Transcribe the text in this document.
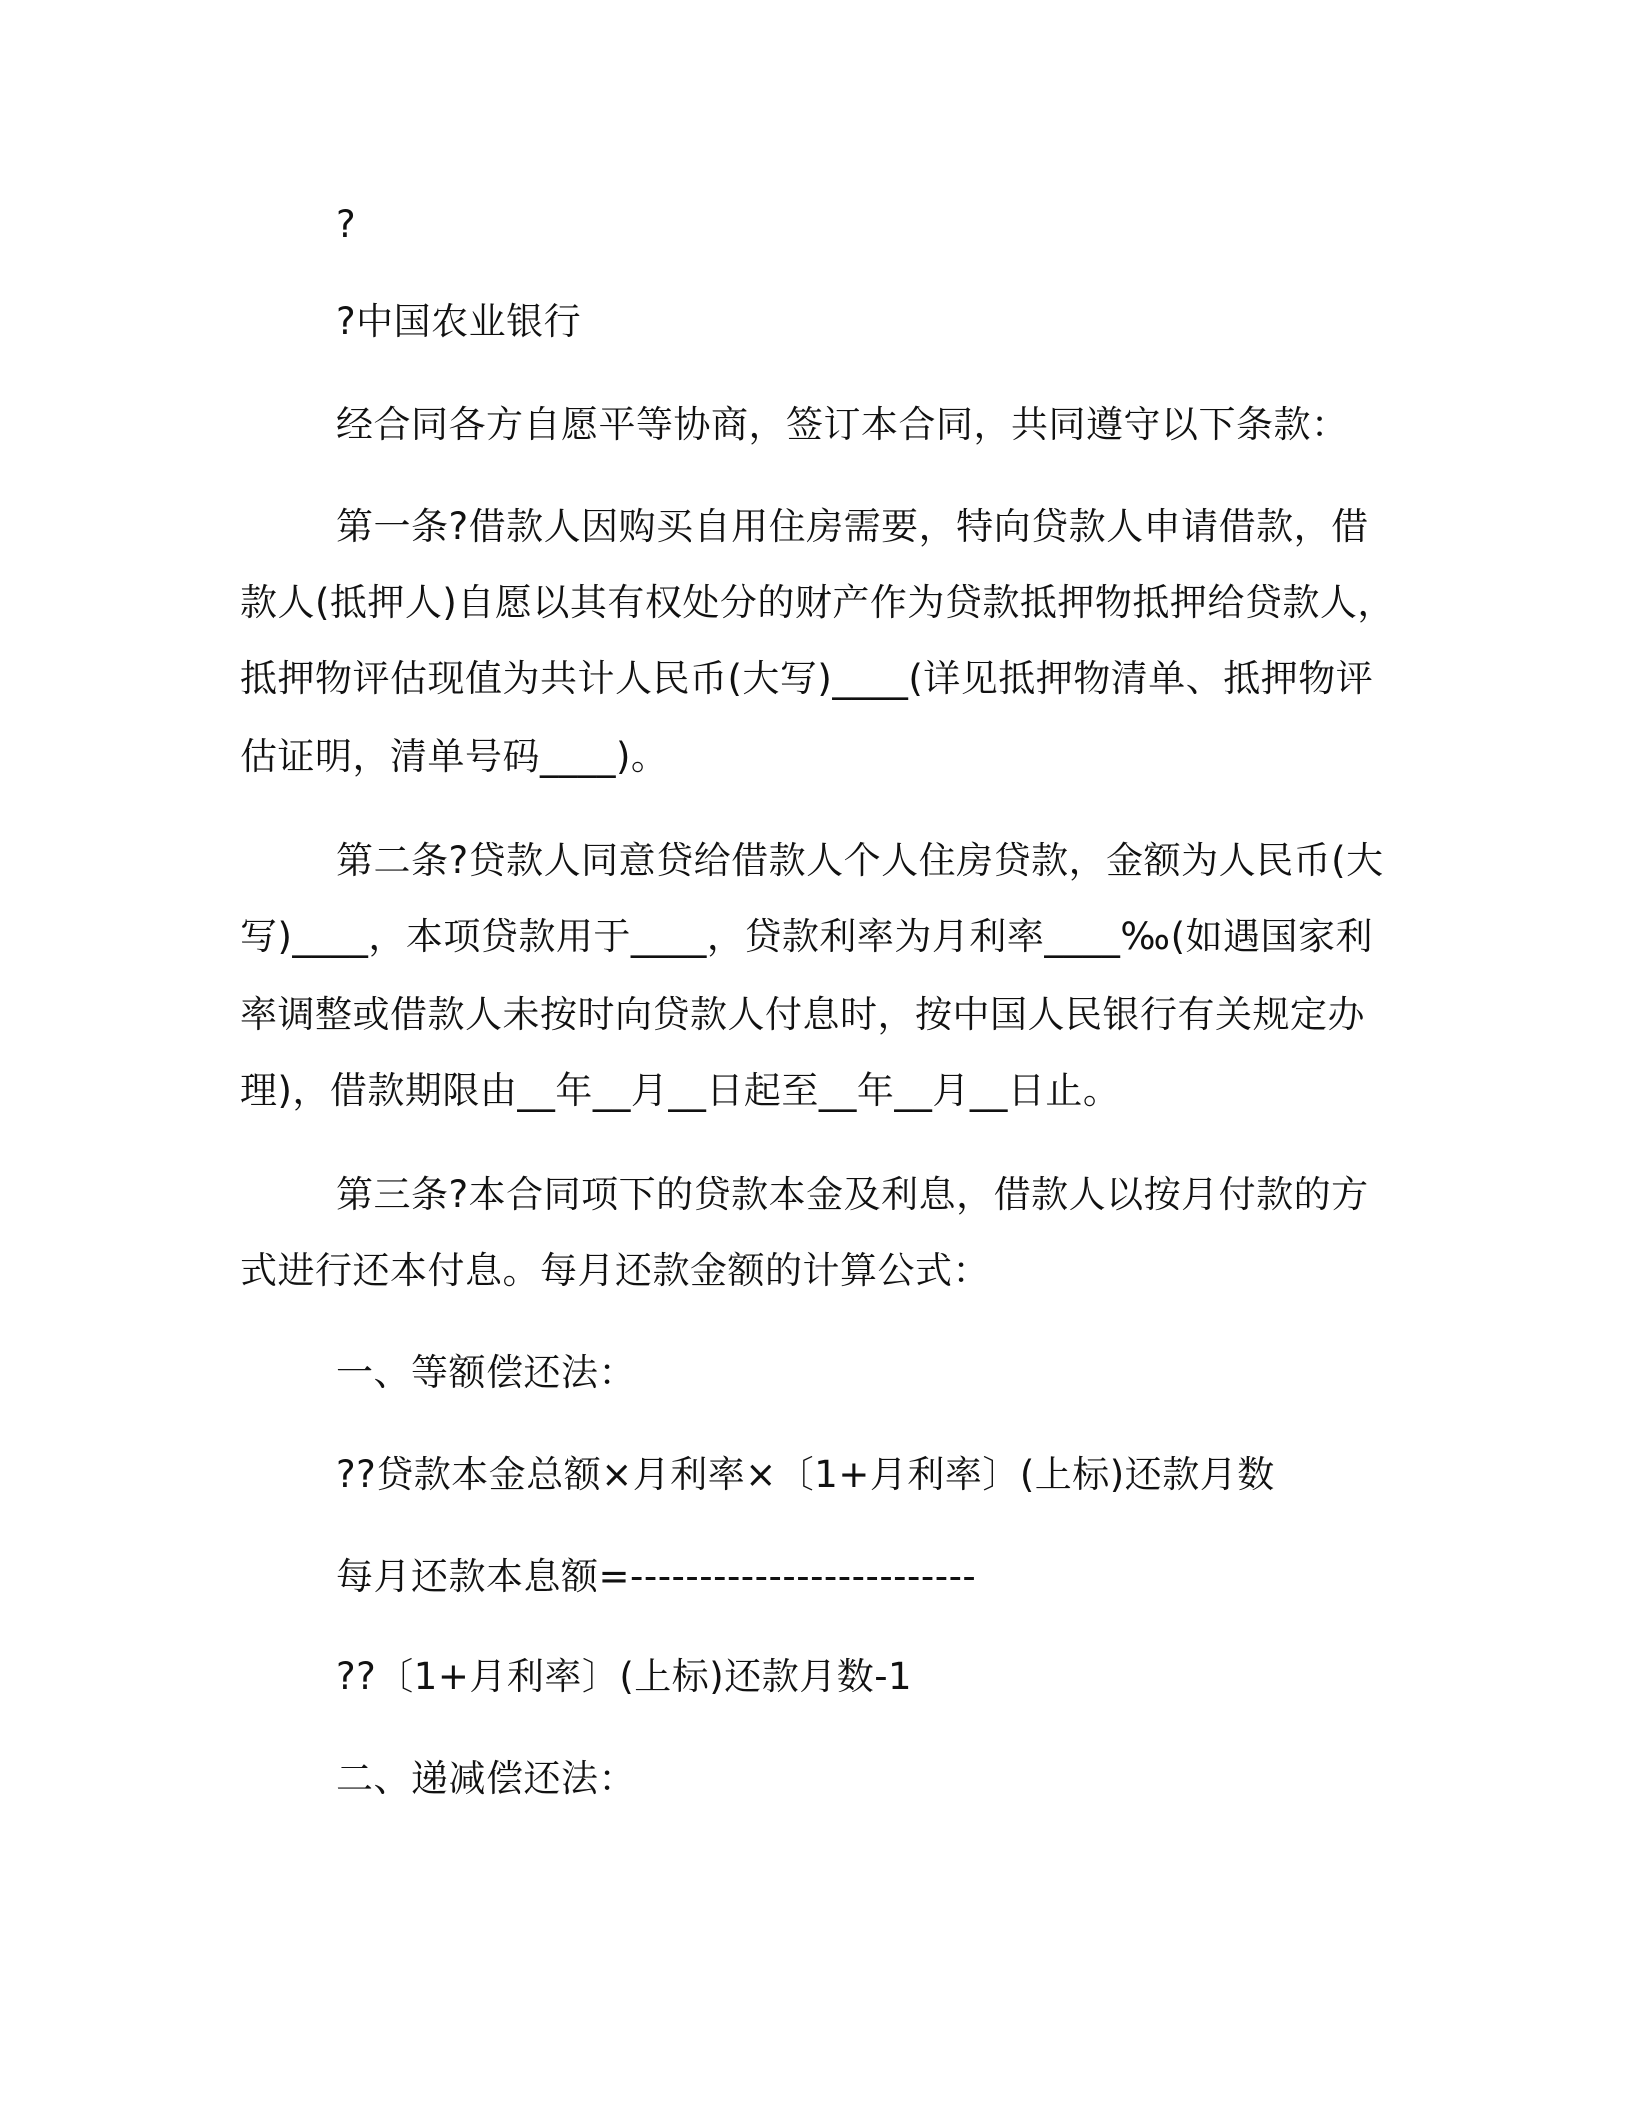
?
?中国农业银行
经合同各方自愿平等协商，签订本合同，共同遵守以下条款：
第一条?借款人因购买自用住房需要，特向贷款人申请借款，借
款人(抵押人)自愿以其有权处分的财产作为贷款抵押物抵押给贷款人，
抵押物评估现值为共计人民币(大写)____(详见抵押物清单、抵押物评
估证明，清单号码____)。
第二条?贷款人同意贷给借款人个人住房贷款，金额为人民币(大
写)____，本项贷款用于____，贷款利率为月利率____‰(如遇国家利
率调整或借款人未按时向贷款人付息时，按中国人民银行有关规定办
理)，借款期限由__年__月__日起至__年__月__日止。
第三条?本合同项下的贷款本金及利息，借款人以按月付款的方
式进行还本付息。每月还款金额的计算公式：
一、等额偿还法：
??贷款本金总额×月利率×〔1+月利率〕(上标)还款月数
每月还款本息额=-------------------------
??〔1+月利率〕(上标)还款月数-1
二、递减偿还法：
